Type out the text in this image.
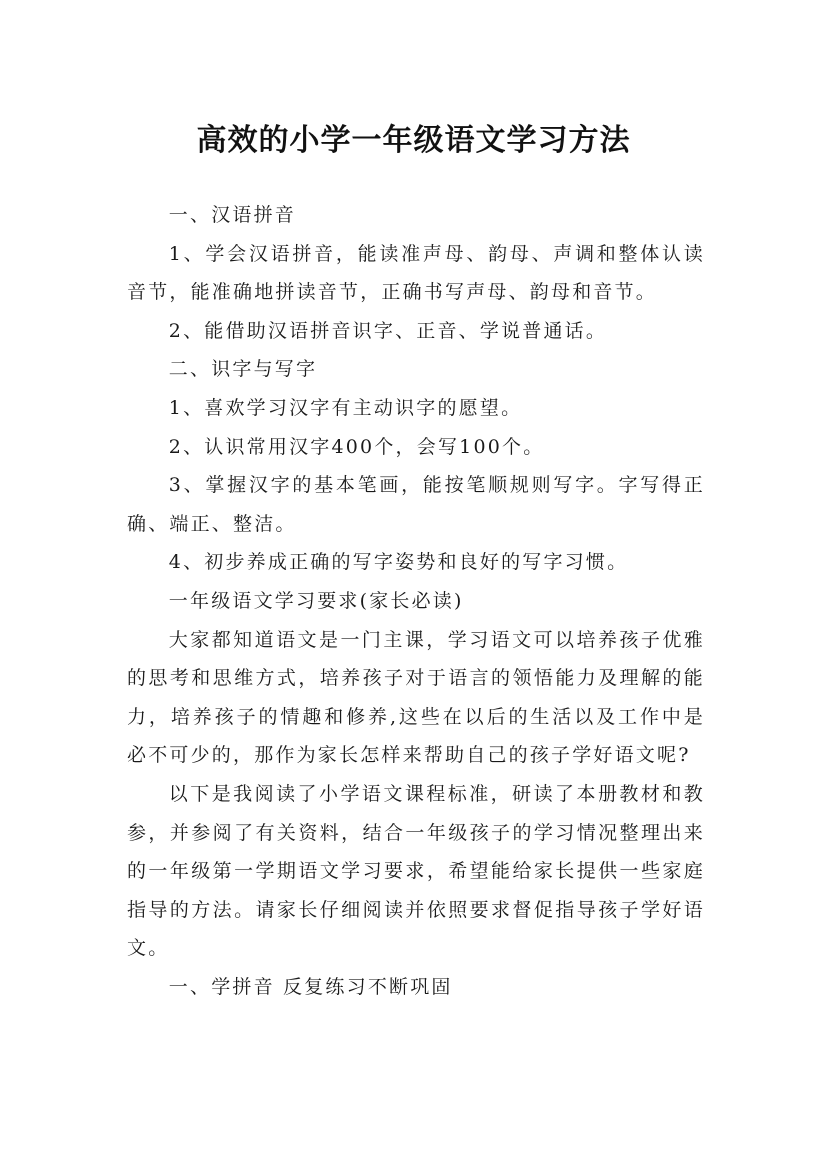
高效的小学一年级语文学习方法

一、汉语拼音

1、学会汉语拼音，能读准声母、韵母、声调和整体认读音节，能准确地拼读音节，正确书写声母、韵母和音节。

2、能借助汉语拼音识字、正音、学说普通话。

二、识字与写字

1、喜欢学习汉字有主动识字的愿望。

2、认识常用汉字400个，会写100个。

3、掌握汉字的基本笔画，能按笔顺规则写字。字写得正确、端正、整洁。

4、初步养成正确的写字姿势和良好的写字习惯。

一年级语文学习要求(家长必读)

大家都知道语文是一门主课，学习语文可以培养孩子优雅的思考和思维方式，培养孩子对于语言的领悟能力及理解的能力，培养孩子的情趣和修养,这些在以后的生活以及工作中是必不可少的，那作为家长怎样来帮助自己的孩子学好语文呢?

以下是我阅读了小学语文课程标准，研读了本册教材和教参，并参阅了有关资料，结合一年级孩子的学习情况整理出来的一年级第一学期语文学习要求，希望能给家长提供一些家庭指导的方法。请家长仔细阅读并依照要求督促指导孩子学好语文。

一、学拼音 反复练习不断巩固
